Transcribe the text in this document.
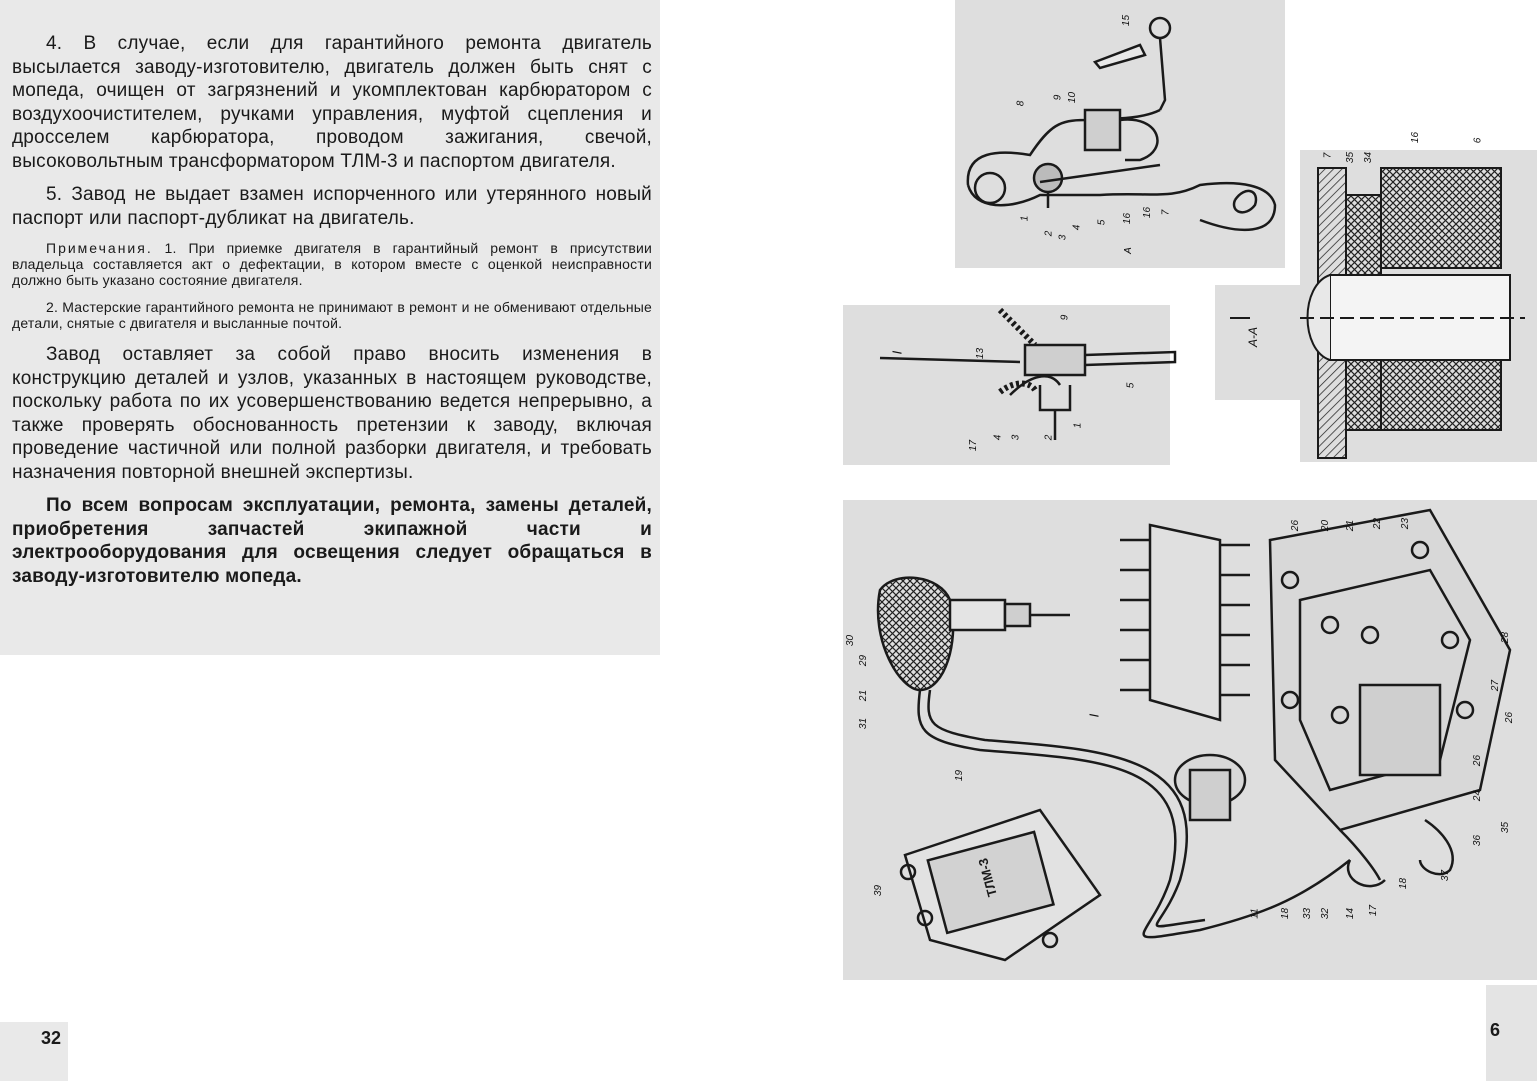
4. В случае, если для гарантийного ремонта двигатель высылается заводу-изготовителю, двигатель должен быть снят с мопеда, очищен от загрязнений и укомплектован карбюратором с воздухоочистителем, ручками управления, муфтой сцепления и дросселем карбюратора, проводом зажигания, свечой, высоковольтным трансформатором ТЛМ-3 и паспортом двигателя.

5. Завод не выдает взамен испорченного или утерянного новый паспорт или паспорт-дубликат на двигатель.

Примечания. 1. При приемке двигателя в гарантийный ремонт в присутствии владельца составляется акт о дефектации, в котором вместе с оценкой неисправности должно быть указано состояние двигателя.

2. Мастерские гарантийного ремонта не принимают в ремонт и не обменивают отдельные детали, снятые с двигателя и высланные почтой.

Завод оставляет за собой право вносить изменения в конструкцию деталей и узлов, указанных в настоящем руководстве, поскольку работа по их усовершенствованию ведется непрерывно, а также проверять обоснованность претензии к заводу, включая проведение частичной или полной разборки двигателя, и требовать назначения повторной внешней экспертизы.

По всем вопросам эксплуатации, ремонта, замены деталей, приобретения запчастей экипажной части и электрооборудования для освещения следует обращаться в заводу-изготовителю мопеда.

32	9
15
10
9
8
1
2
3
4
5 16
16 7
А
А-А
7 35 34
16	6
I	13
9
5
17
4 3 2
1
30
29
21
31
19
39
26 20 21 22 23
28
27
26
26
24
35
36
37
11 18 33 32 14 17
18
I
ТЛМ-3
